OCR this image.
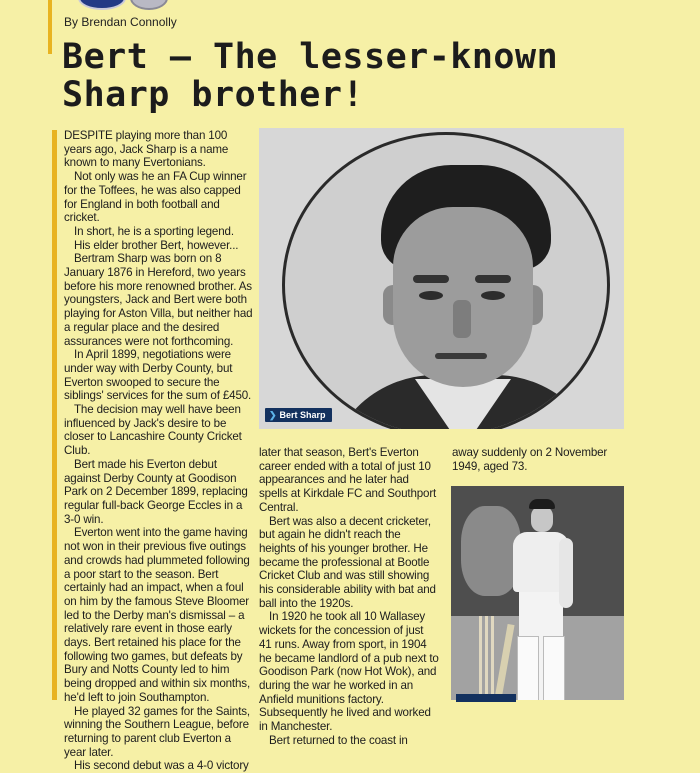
By Brendan Connolly
Bert – The lesser-known
Sharp brother!

DESPITE playing more than 100 years ago, Jack Sharp is a name known to many Evertonians.

Not only was he an FA Cup winner for the Toffees, he was also capped for England in both football and cricket.

In short, he is a sporting legend.

His elder brother Bert, however...

Bertram Sharp was born on 8 January 1876 in Hereford, two years before his more renowned brother. As youngsters, Jack and Bert were both playing for Aston Villa, but neither had a regular place and the desired assurances were not forthcoming.

In April 1899, negotiations were under way with Derby County, but Everton swooped to secure the siblings' services for the sum of £450.

The decision may well have been influenced by Jack's desire to be closer to Lancashire County Cricket Club.

Bert made his Everton debut against Derby County at Goodison Park on 2 December 1899, replacing regular full-back George Eccles in a 3-0 win.

Everton went into the game having not won in their previous five outings and crowds had plummeted following a poor start to the season. Bert certainly had an impact, when a foul on him by the famous Steve Bloomer led to the Derby man's dismissal – a relatively rare event in those early days. Bert retained his place for the following two games, but defeats by Bury and Notts County led to him being dropped and within six months, he'd left to join Southampton.

He played 32 games for the Saints, winning the Southern League, before returning to parent club Everton a year later.

His second debut was a 4-0 victory

❯ Bert Sharp

later that season, Bert's Everton career ended with a total of just 10 appearances and he later had spells at Kirkdale FC and Southport Central.

Bert was also a decent cricketer, but again he didn't reach the heights of his younger brother. He became the professional at Bootle Cricket Club and was still showing his considerable ability with bat and ball into the 1920s.

In 1920 he took all 10 Wallasey wickets for the concession of just 41 runs. Away from sport, in 1904 he became landlord of a pub next to Goodison Park (now Hot Wok), and during the war he worked in an Anfield munitions factory. Subsequently he lived and worked in Manchester.

Bert returned to the coast in

away suddenly on 2 November 1949, aged 73.
